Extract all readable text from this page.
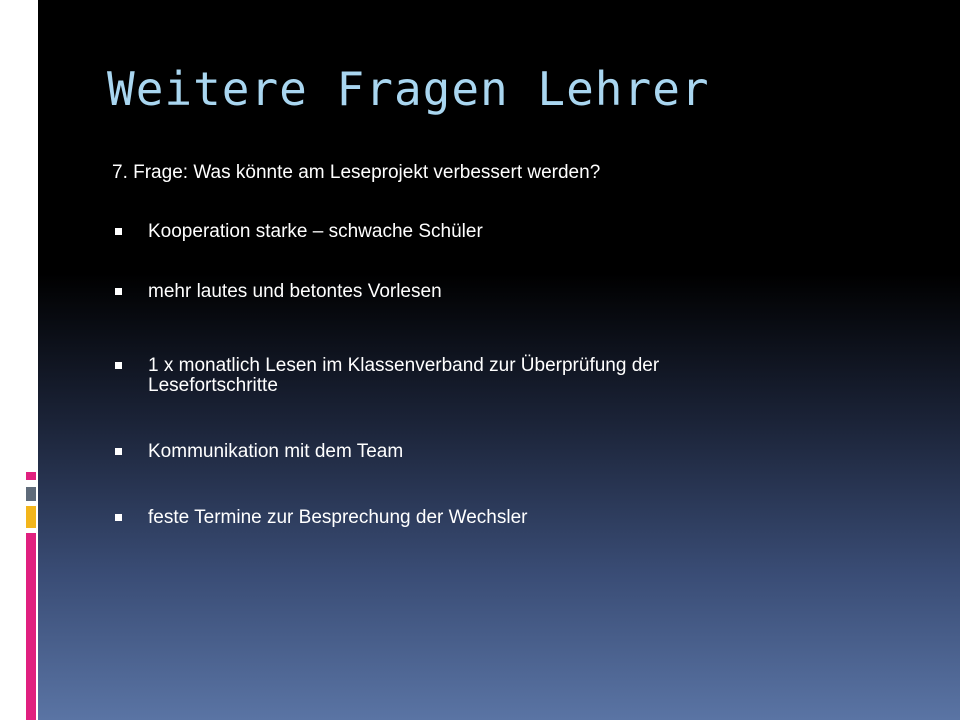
Weitere Fragen Lehrer
7. Frage: Was könnte am Leseprojekt verbessert werden?
Kooperation starke – schwache Schüler
mehr lautes und betontes Vorlesen
1 x monatlich Lesen im Klassenverband zur Überprüfung der Lesefortschritte
Kommunikation mit dem Team
feste Termine zur Besprechung der Wechsler
